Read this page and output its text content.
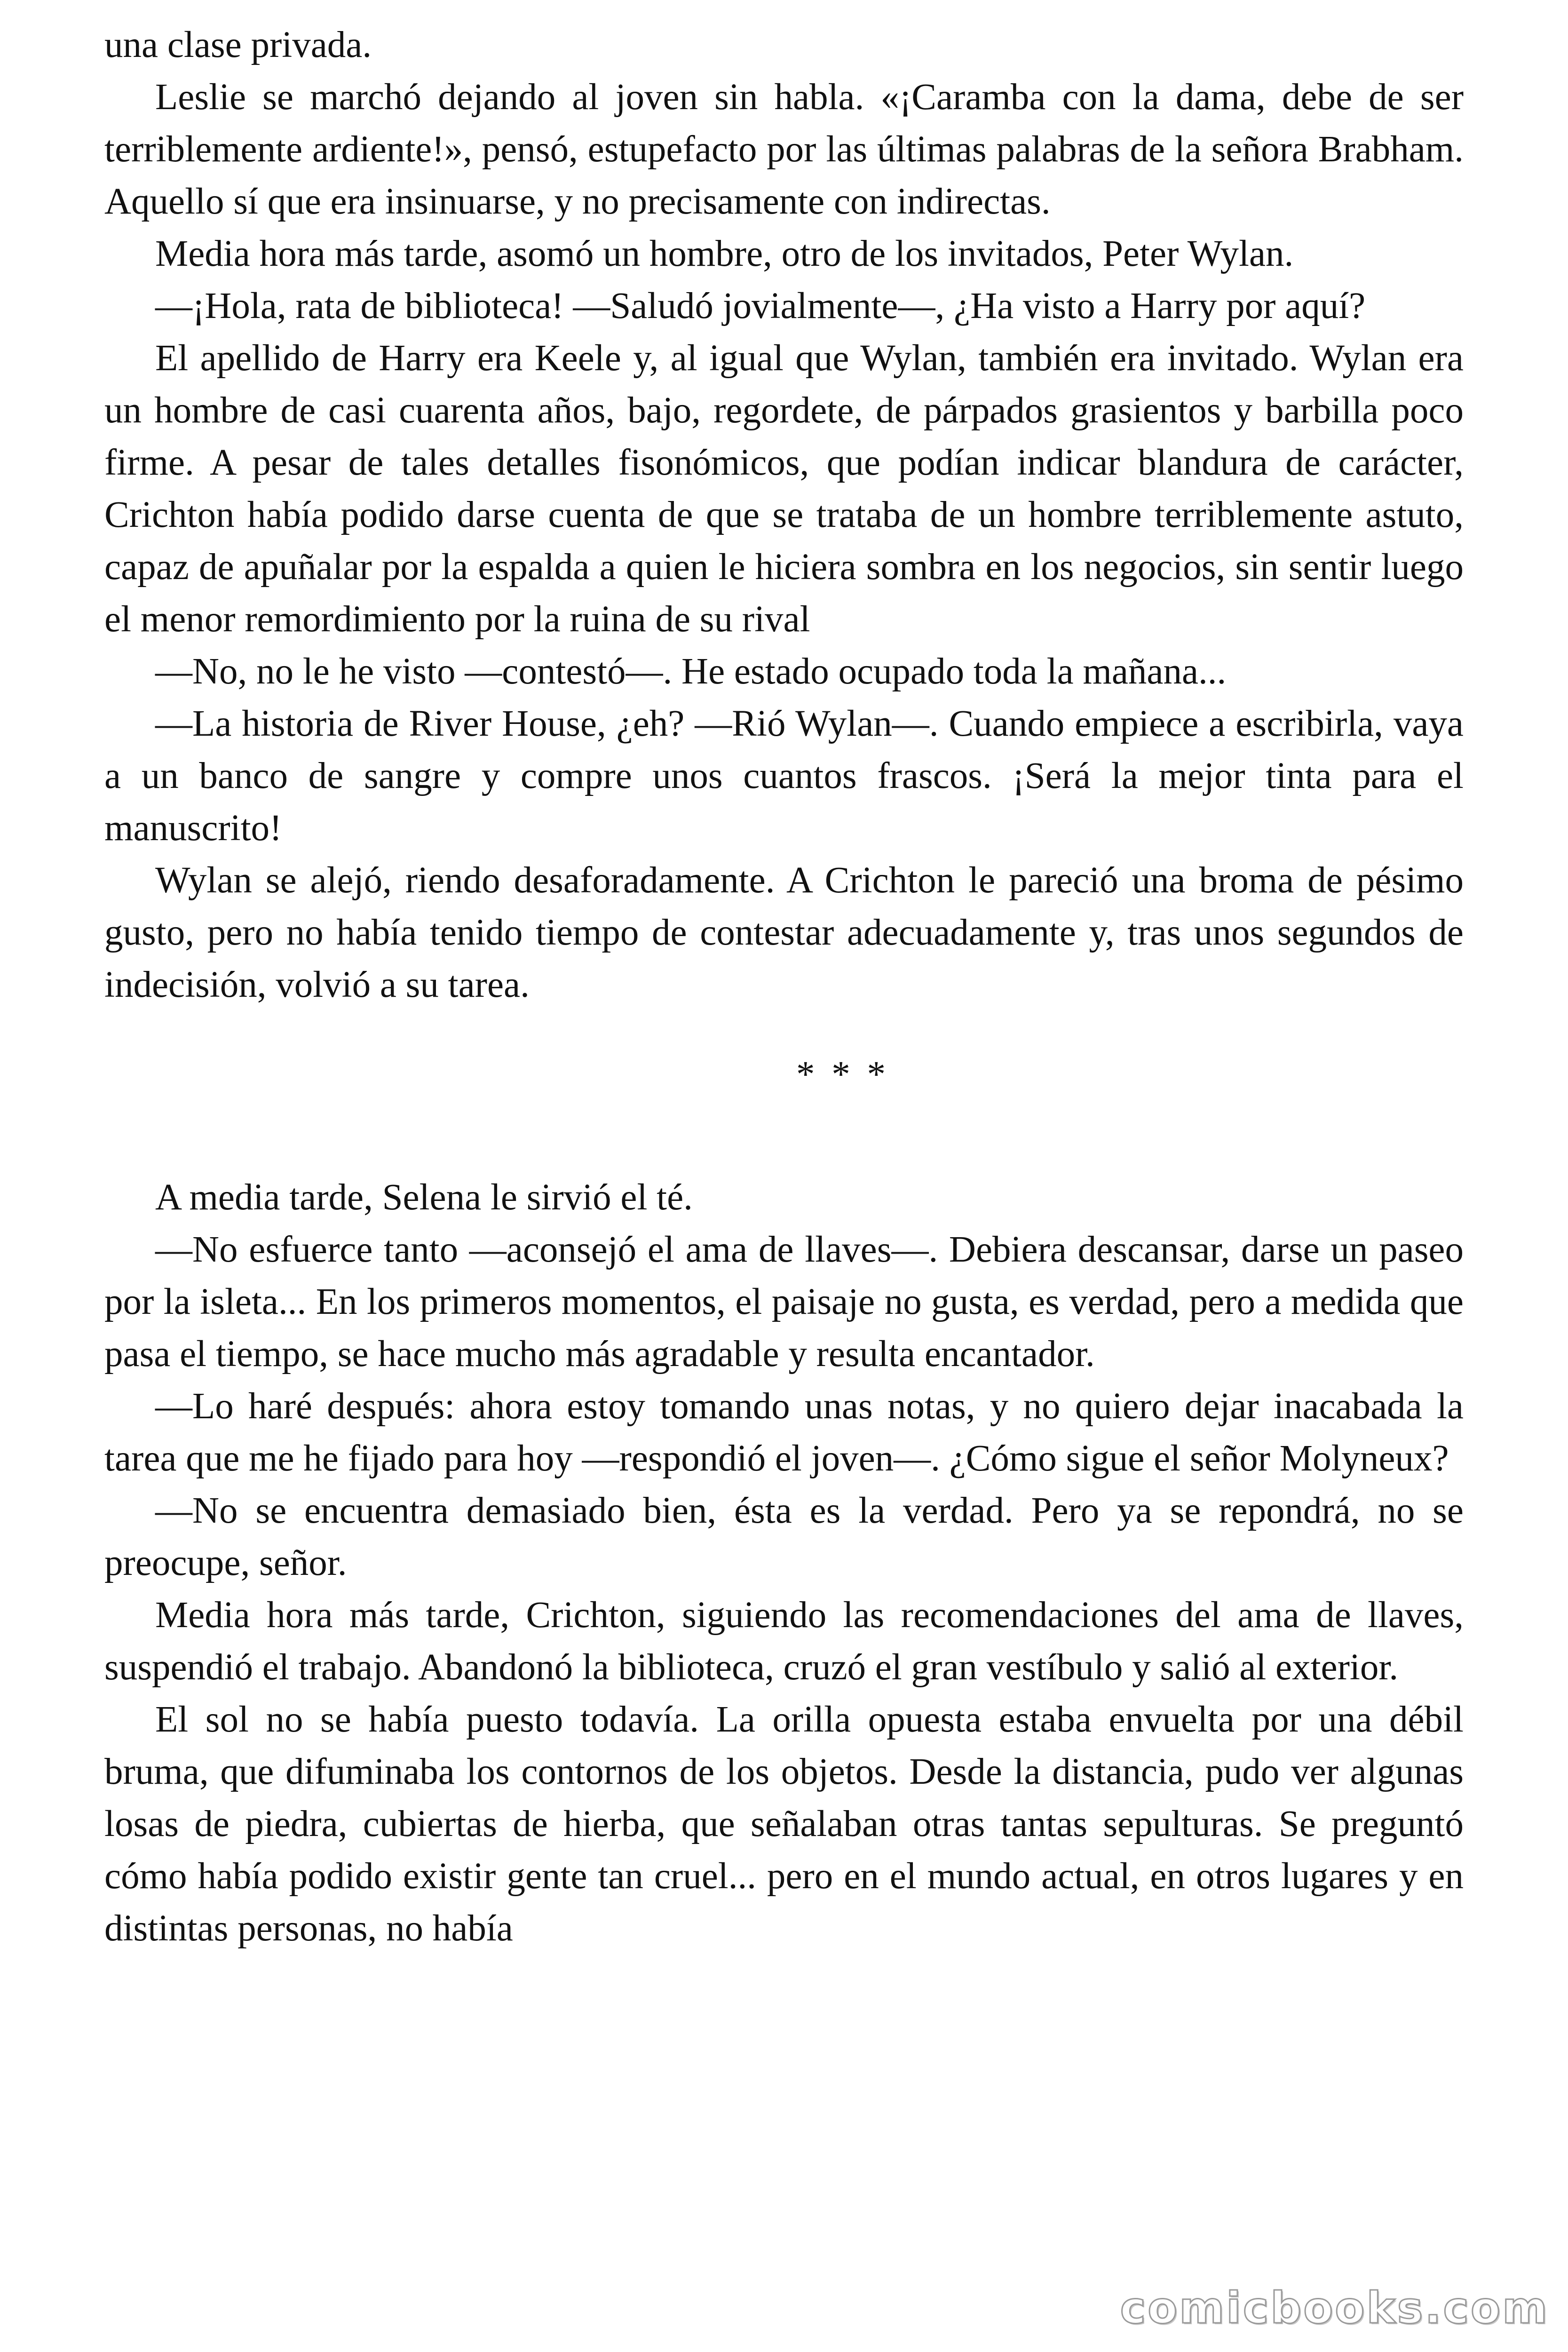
una clase privada.

Leslie se marchó dejando al joven sin habla. «¡Caramba con la dama, debe de ser terriblemente ardiente!», pensó, estupefacto por las últimas palabras de la señora Brabham. Aquello sí que era insinuarse, y no precisamente con indirectas.

Media hora más tarde, asomó un hombre, otro de los invitados, Peter Wylan.

—¡Hola, rata de biblioteca! —Saludó jovialmente—, ¿Ha visto a Harry por aquí?

El apellido de Harry era Keele y, al igual que Wylan, también era invitado. Wylan era un hombre de casi cuarenta años, bajo, regordete, de párpados grasientos y barbilla poco firme. A pesar de tales detalles fisonómicos, que podían indicar blandura de carácter, Crichton había podido darse cuenta de que se trataba de un hombre terriblemente astuto, capaz de apuñalar por la espalda a quien le hiciera sombra en los negocios, sin sentir luego el menor remordimiento por la ruina de su rival

—No, no le he visto —contestó—. He estado ocupado toda la mañana...

—La historia de River House, ¿eh? —Rió Wylan—. Cuando empiece a escribirla, vaya a un banco de sangre y compre unos cuantos frascos. ¡Será la mejor tinta para el manuscrito!

Wylan se alejó, riendo desaforadamente. A Crichton le pareció una broma de pésimo gusto, pero no había tenido tiempo de contestar adecuadamente y, tras unos segundos de indecisión, volvió a su tarea.

* * *

A media tarde, Selena le sirvió el té.

—No esfuerce tanto —aconsejó el ama de llaves—. Debiera descansar, darse un paseo por la isleta... En los primeros momentos, el paisaje no gusta, es verdad, pero a medida que pasa el tiempo, se hace mucho más agradable y resulta encantador.

—Lo haré después: ahora estoy tomando unas notas, y no quiero dejar inacabada la tarea que me he fijado para hoy —respondió el joven—. ¿Cómo sigue el señor Molyneux?

—No se encuentra demasiado bien, ésta es la verdad. Pero ya se repondrá, no se preocupe, señor.

Media hora más tarde, Crichton, siguiendo las recomendaciones del ama de llaves, suspendió el trabajo. Abandonó la biblioteca, cruzó el gran vestíbulo y salió al exterior.

El sol no se había puesto todavía. La orilla opuesta estaba envuelta por una débil bruma, que difuminaba los contornos de los objetos. Desde la distancia, pudo ver algunas losas de piedra, cubiertas de hierba, que señalaban otras tantas sepulturas. Se preguntó cómo había podido existir gente tan cruel... pero en el mundo actual, en otros lugares y en distintas personas, no había

comicbooks.com
